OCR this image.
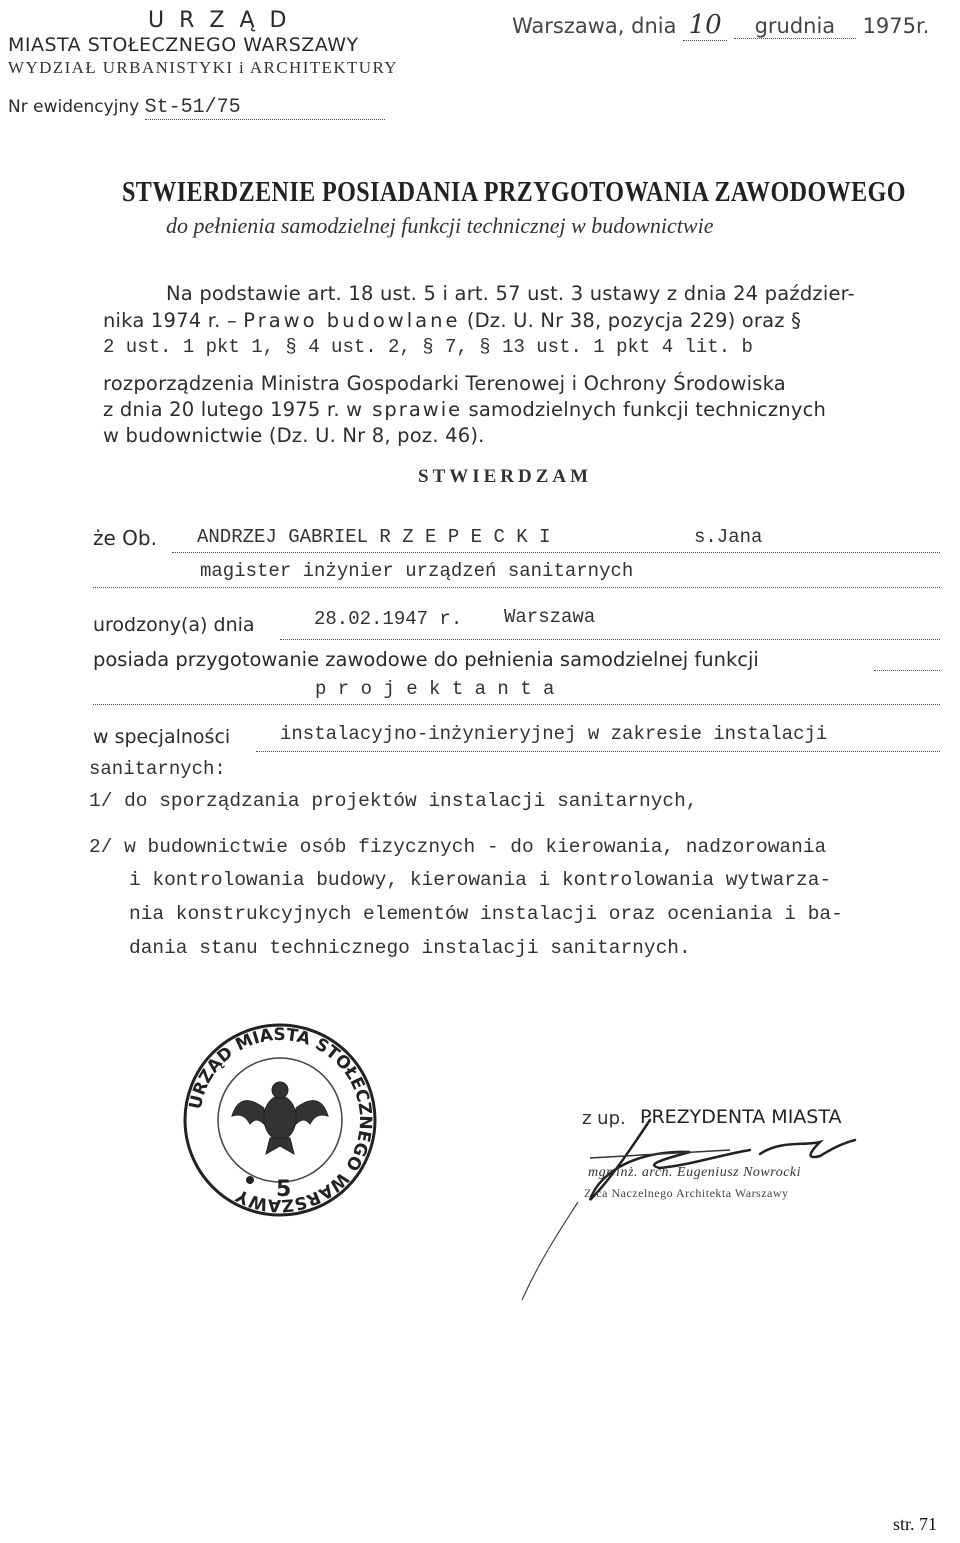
U R Z Ą D
MIASTA STOŁECZNEGO WARSZAWY
WYDZIAŁ URBANISTYKI i ARCHITEKTURY
Warszawa, dnia 10 grudnia 1975r.
Nr ewidencyjny St-51/75
STWIERDZENIE POSIADANIA PRZYGOTOWANIA ZAWODOWEGO
do pełnienia samodzielnej funkcji technicznej w budownictwie
Na podstawie art. 18 ust. 5 i art. 57 ust. 3 ustawy z dnia 24 paździer-
nika 1974 r. – Prawo budowlane (Dz. U. Nr 38, pozycja 229) oraz §
2 ust. 1 pkt 1, § 4 ust. 2, § 7, § 13 ust. 1 pkt 4 lit. b
rozporządzenia Ministra Gospodarki Terenowej i Ochrony Środowiska
z dnia 20 lutego 1975 r. w sprawie samodzielnych funkcji technicznych
w budownictwie (Dz. U. Nr 8, poz. 46).
STWIERDZAM
że Ob. ANDRZEJ GABRIEL R Z E P E C K I	s.Jana
magister inżynier urządzeń sanitarnych
urodzony(a) dnia	28.02.1947 r. Warszawa
posiada przygotowanie zawodowe do pełnienia samodzielnej funkcji
p r o j e k t a n t a
w specjalności	instalacyjno-inżynieryjnej w zakresie instalacji
sanitarnych:
1/ do sporządzania projektów instalacji sanitarnych,
2/ w budownictwie osób fizycznych - do kierowania, nadzorowania
i kontrolowania budowy, kierowania i kontrolowania wytwarza-
nia konstrukcyjnych elementów instalacji oraz oceniania i ba-
dania stanu technicznego instalacji sanitarnych.
URZĄD MIASTA STOŁECZNEGO WARSZAWY	5
z up. PREZYDENTA MIASTA
mgr inż. arch. Eugeniusz Nowrocki
Z-ca Naczelnego Architekta Warszawy
str. 71
